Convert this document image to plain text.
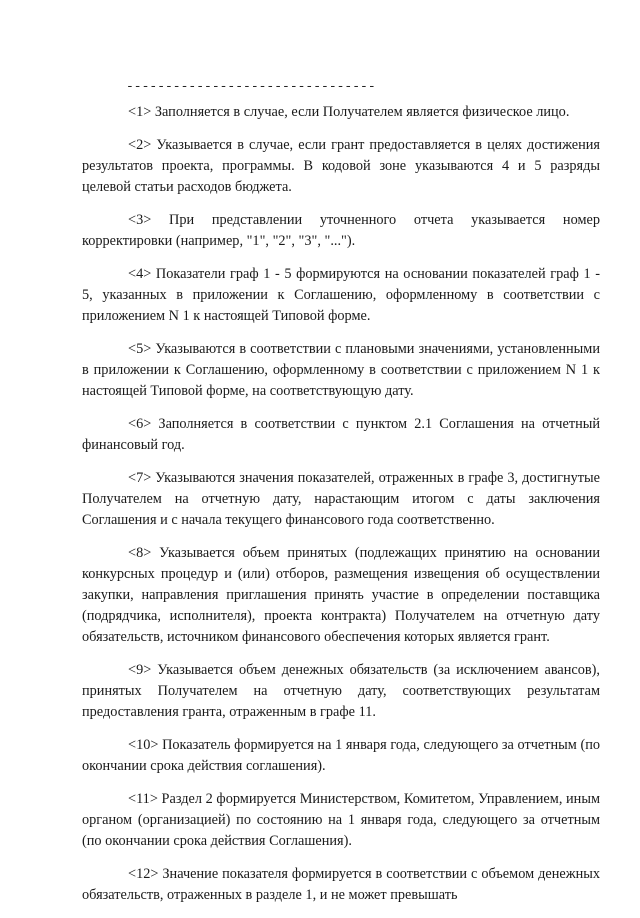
--------------------------------

<1> Заполняется в случае, если Получателем является физическое лицо.

<2> Указывается в случае, если грант предоставляется в целях достижения результатов проекта, программы. В кодовой зоне указываются 4 и 5 разряды целевой статьи расходов бюджета.

<3> При представлении уточненного отчета указывается номер корректировки (например, "1", "2", "3", "...").

<4> Показатели граф 1 - 5 формируются на основании показателей граф 1 - 5, указанных в приложении к Соглашению, оформленному в соответствии с приложением N 1 к настоящей Типовой форме.

<5> Указываются в соответствии с плановыми значениями, установленными в приложении к Соглашению, оформленному в соответствии с приложением N 1 к настоящей Типовой форме, на соответствующую дату.

<6> Заполняется в соответствии с пунктом 2.1 Соглашения на отчетный финансовый год.

<7> Указываются значения показателей, отраженных в графе 3, достигнутые Получателем на отчетную дату, нарастающим итогом с даты заключения Соглашения и с начала текущего финансового года соответственно.

<8> Указывается объем принятых (подлежащих принятию на основании конкурсных процедур и (или) отборов, размещения извещения об осуществлении закупки, направления приглашения принять участие в определении поставщика (подрядчика, исполнителя), проекта контракта) Получателем на отчетную дату обязательств, источником финансового обеспечения которых является грант.

<9> Указывается объем денежных обязательств (за исключением авансов), принятых Получателем на отчетную дату, соответствующих результатам предоставления гранта, отраженным в графе 11.

<10> Показатель формируется на 1 января года, следующего за отчетным (по окончании срока действия соглашения).

<11> Раздел 2 формируется Министерством, Комитетом, Управлением, иным органом (организацией) по состоянию на 1 января года, следующего за отчетным (по окончании срока действия Соглашения).

<12> Значение показателя формируется в соответствии с объемом денежных обязательств, отраженных в разделе 1, и не может превышать
